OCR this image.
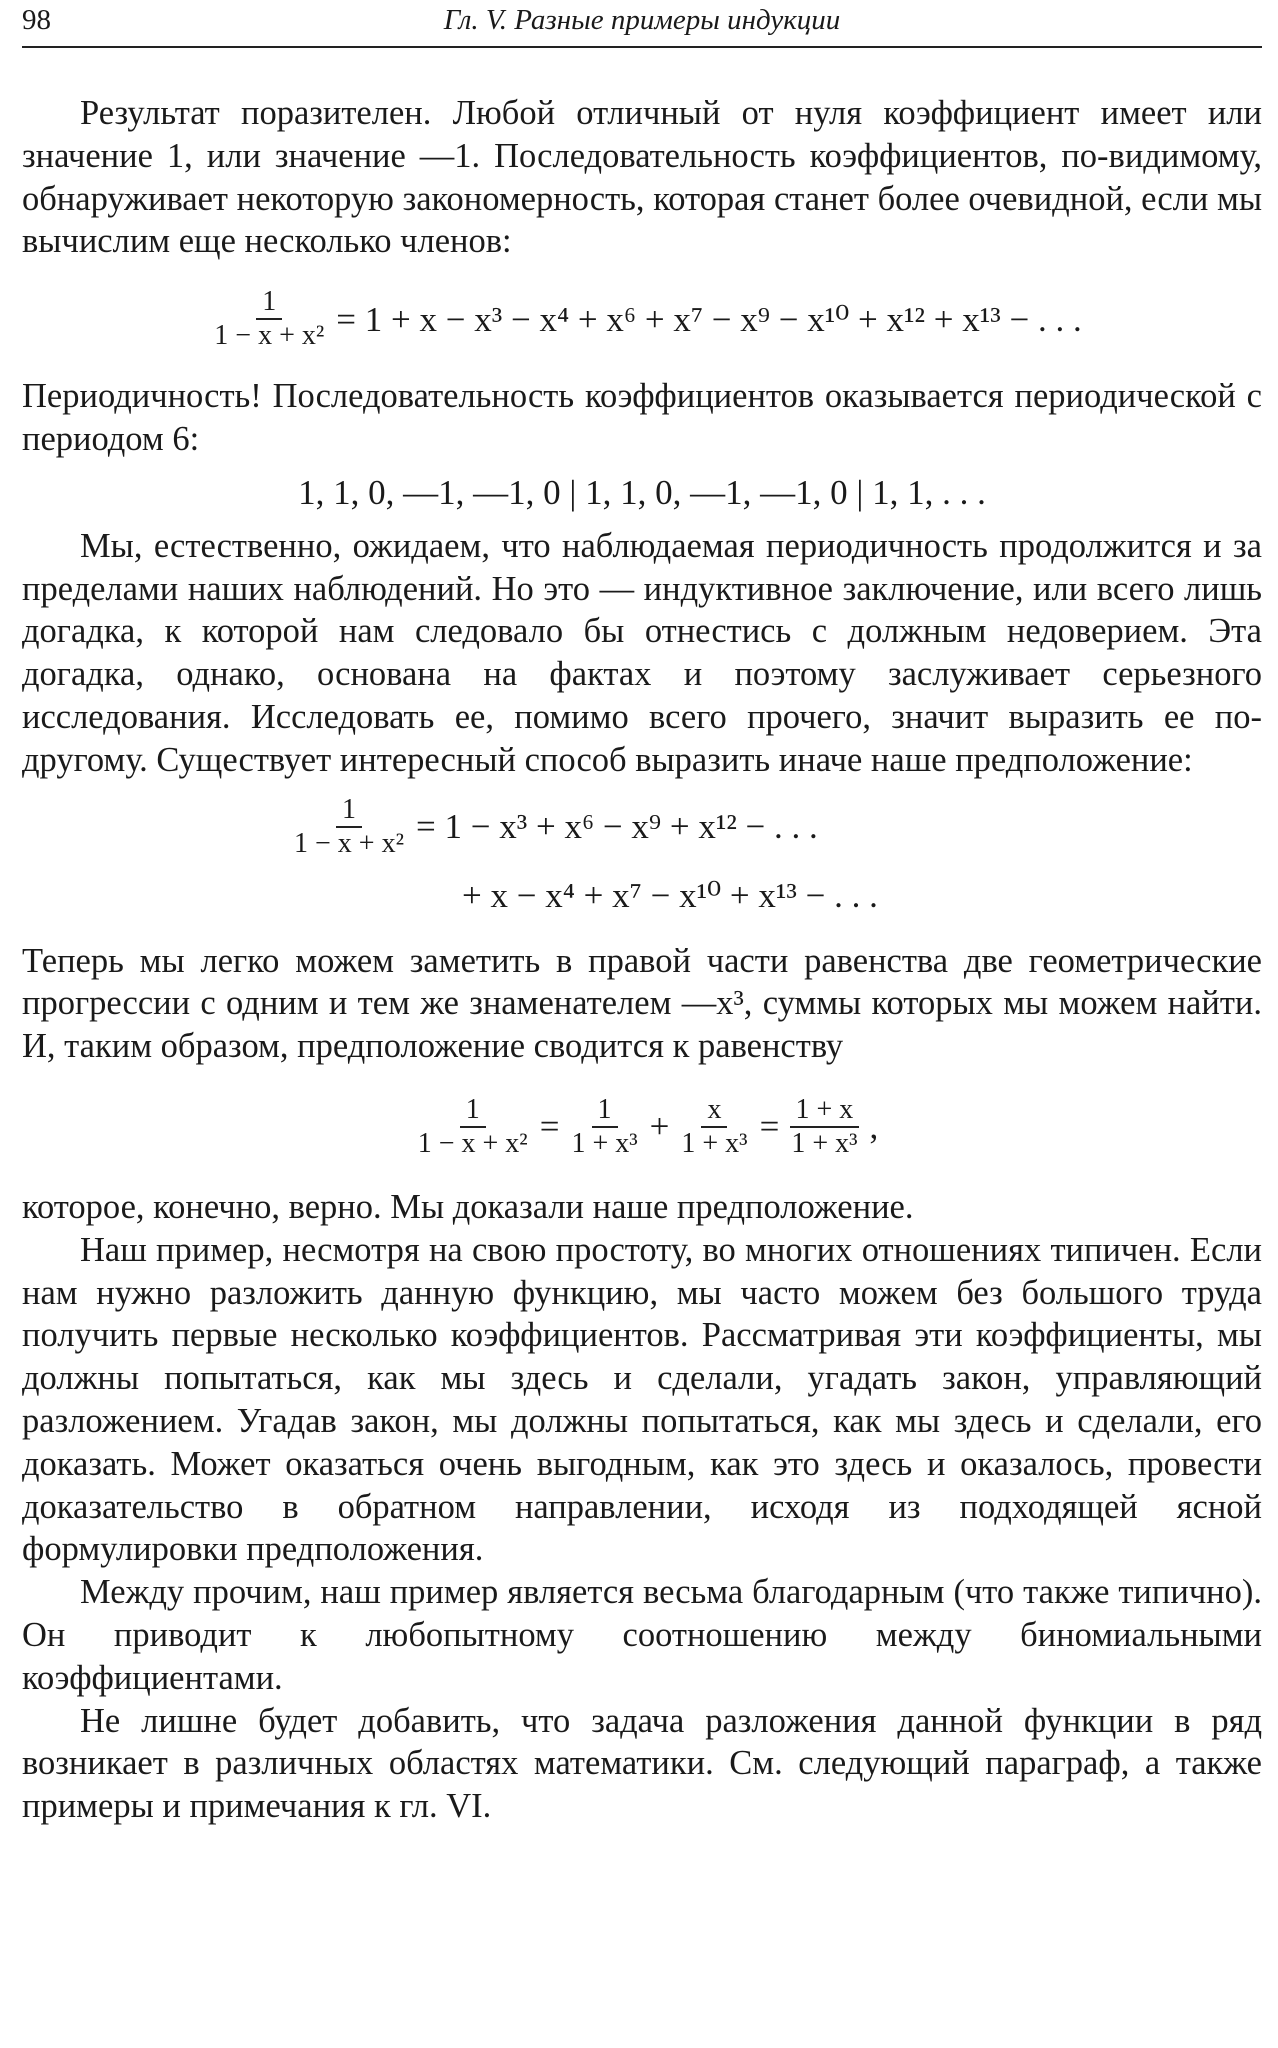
98	Гл. V. Разные примеры индукции

Результат поразителен. Любой отличный от нуля коэффициент имеет или значение 1, или значение —1. Последовательность коэффициентов, по-видимому, обнаруживает некоторую закономерность, которая станет более очевидной, если мы вычислим еще несколько членов:

$\frac{1}{\text{1 − x + x²}} = 1 + x - x^3 - x^4 + x^6 + x^7 - x^9 - x^{10} + x^{12} + x^{13}$ − . . .

Периодичность! Последовательность коэффициентов оказывается периодической с периодом 6:

1, 1, 0, —1, —1, 0 | 1, 1, 0, —1, —1, 0 | 1, 1, . . .

Мы, естественно, ожидаем, что наблюдаемая периодичность продолжится и за пределами наших наблюдений. Но это — индуктивное заключение, или всего лишь догадка, к которой нам следовало бы отнестись с должным недоверием. Эта догадка, однако, основана на фактах и поэтому заслуживает серьезного исследования. Исследовать ее, помимо всего прочего, значит выразить ее по-другому. Существует интересный способ выразить иначе наше предположение:

$\frac{1}{\text{1 − x + x²}} = 1 - x^3 + x^6 - x^9 + x^{12}$ − . . .
+ x − x⁴ + x⁷ − x¹⁰ + x¹³ − . . .

Теперь мы легко можем заметить в правой части равенства две геометрические прогрессии с одним и тем же знаменателем —x³, суммы которых мы можем найти. И, таким образом, предположение сводится к равенству

$\frac{1}{\text{1 − x + x²}} = \frac{1}{\text{1 + x³}} + \frac{x}{\text{1 + x³}} = \frac{1 + x}{\text{1 + x³}}$ ,

которое, конечно, верно. Мы доказали наше предположение.

Наш пример, несмотря на свою простоту, во многих отношениях типичен. Если нам нужно разложить данную функцию, мы часто можем без большого труда получить первые несколько коэффициентов. Рассматривая эти коэффициенты, мы должны попытаться, как мы здесь и сделали, угадать закон, управляющий разложением. Угадав закон, мы должны попытаться, как мы здесь и сделали, его доказать. Может оказаться очень выгодным, как это здесь и оказалось, провести доказательство в обратном направлении, исходя из подходящей ясной формулировки предположения.

Между прочим, наш пример является весьма благодарным (что также типично). Он приводит к любопытному соотношению между биномиальными коэффициентами.

Не лишне будет добавить, что задача разложения данной функции в ряд возникает в различных областях математики. См. следующий параграф, а также примеры и примечания к гл. VI.
